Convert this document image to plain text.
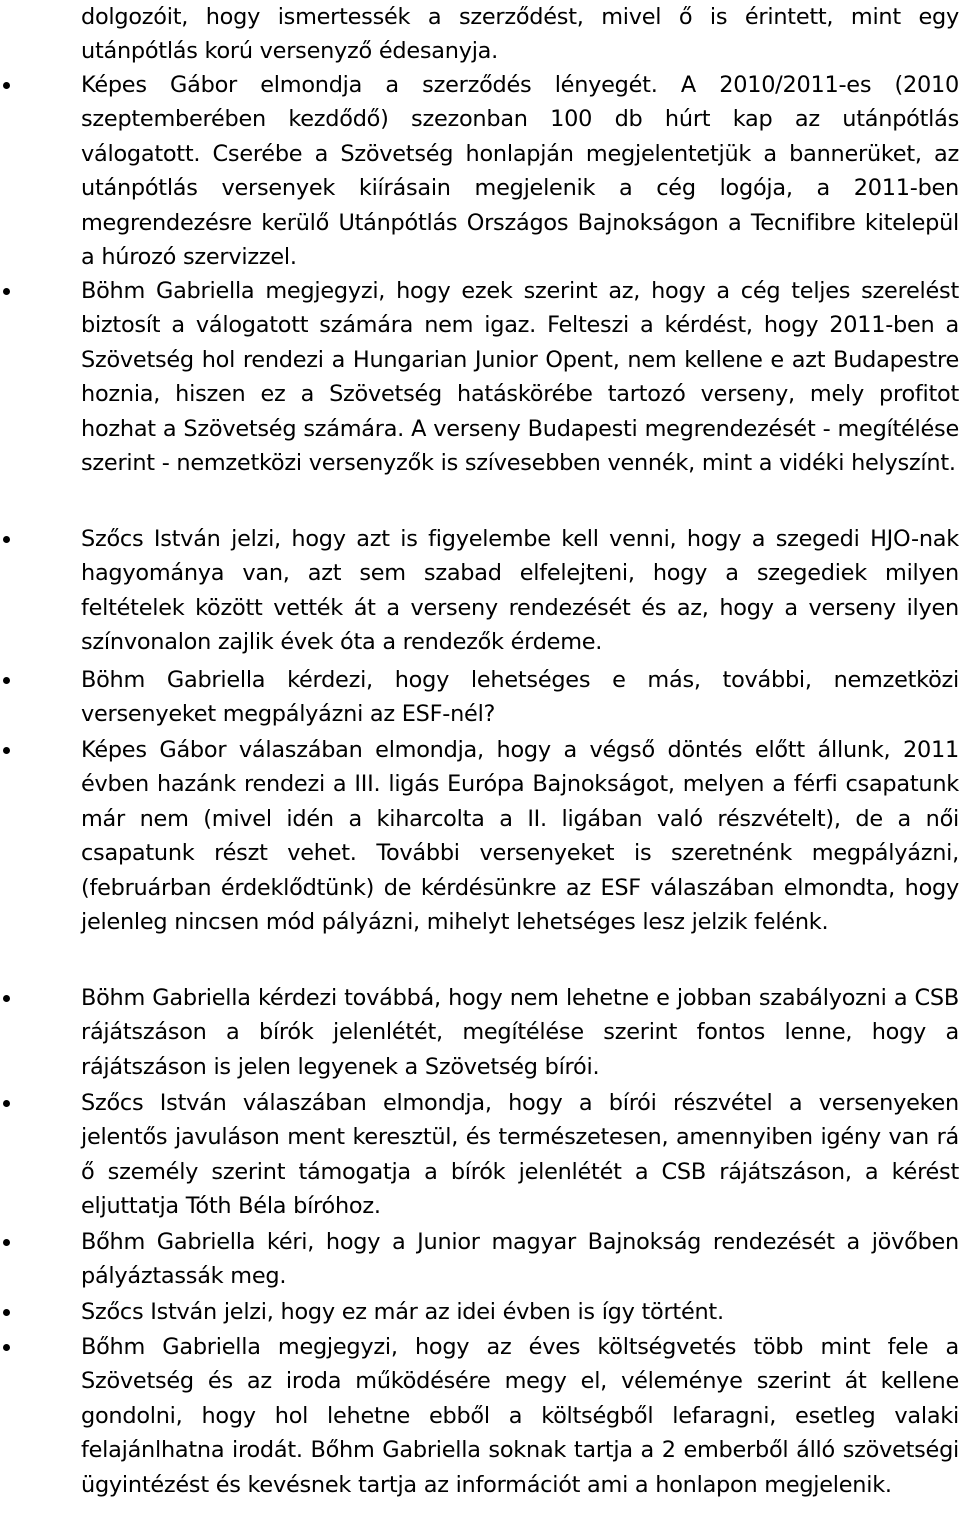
dolgozóit, hogy ismertessék a szerződést, mivel ő is érintett, mint egy utánpótlás korú versenyző édesanyja.

Képes Gábor elmondja a szerződés lényegét. A 2010/2011-es (2010 szeptemberében kezdődő) szezonban 100 db húrt kap az utánpótlás válogatott. Cserébe a Szövetség honlapján megjelentetjük a bannerüket, az utánpótlás versenyek kiírásain megjelenik a cég logója, a 2011-ben megrendezésre kerülő Utánpótlás Országos Bajnokságon a Tecnifibre kitelepül a húrozó szervizzel.

Böhm Gabriella megjegyzi, hogy ezek szerint az, hogy a cég teljes szerelést biztosít a válogatott számára nem igaz. Felteszi a kérdést, hogy 2011-ben a Szövetség hol rendezi a Hungarian Junior Opent, nem kellene e azt Budapestre hoznia, hiszen ez a Szövetség hatáskörébe tartozó verseny, mely profitot hozhat a Szövetség számára. A verseny Budapesti megrendezését - megítélése szerint - nemzetközi versenyzők is szívesebben vennék, mint a vidéki helyszínt.

Szőcs István jelzi, hogy azt is figyelembe kell venni, hogy a szegedi HJO-nak hagyománya van, azt sem szabad elfelejteni, hogy a szegediek milyen feltételek között vették át a verseny rendezését és az, hogy a verseny ilyen színvonalon zajlik évek óta a rendezők érdeme.

Böhm Gabriella kérdezi, hogy lehetséges e más, további, nemzetközi versenyeket megpályázni az ESF-nél?

Képes Gábor válaszában elmondja, hogy a végső döntés előtt állunk, 2011 évben hazánk rendezi a III. ligás Európa Bajnokságot, melyen a férfi csapatunk már nem (mivel idén a kiharcolta a II. ligában való részvételt), de a női csapatunk részt vehet. További versenyeket is szeretnénk megpályázni, (februárban érdeklődtünk) de kérdésünkre az ESF válaszában elmondta, hogy jelenleg nincsen mód pályázni, mihelyt lehetséges lesz jelzik felénk.

Böhm Gabriella kérdezi továbbá, hogy nem lehetne e jobban szabályozni a CSB rájátszáson a bírók jelenlétét, megítélése szerint fontos lenne, hogy a rájátszáson is jelen legyenek a Szövetség bírói.

Szőcs István válaszában elmondja, hogy a bírói részvétel a versenyeken jelentős javuláson ment keresztül, és természetesen, amennyiben igény van rá ő személy szerint támogatja a bírók jelenlétét a CSB rájátszáson, a kérést eljuttatja Tóth Béla bíróhoz.

Bőhm Gabriella kéri, hogy a Junior magyar Bajnokság rendezését a jövőben pályáztassák meg.

Szőcs István jelzi, hogy ez már az idei évben is így történt.

Bőhm Gabriella megjegyzi, hogy az éves költségvetés több mint fele a Szövetség és az iroda működésére megy el, véleménye szerint át kellene gondolni, hogy hol lehetne ebből a költségből lefaragni, esetleg valaki felajánlhatna irodát. Bőhm Gabriella soknak tartja a 2 emberből álló szövetségi ügyintézést és kevésnek tartja az információt ami a honlapon megjelenik.
